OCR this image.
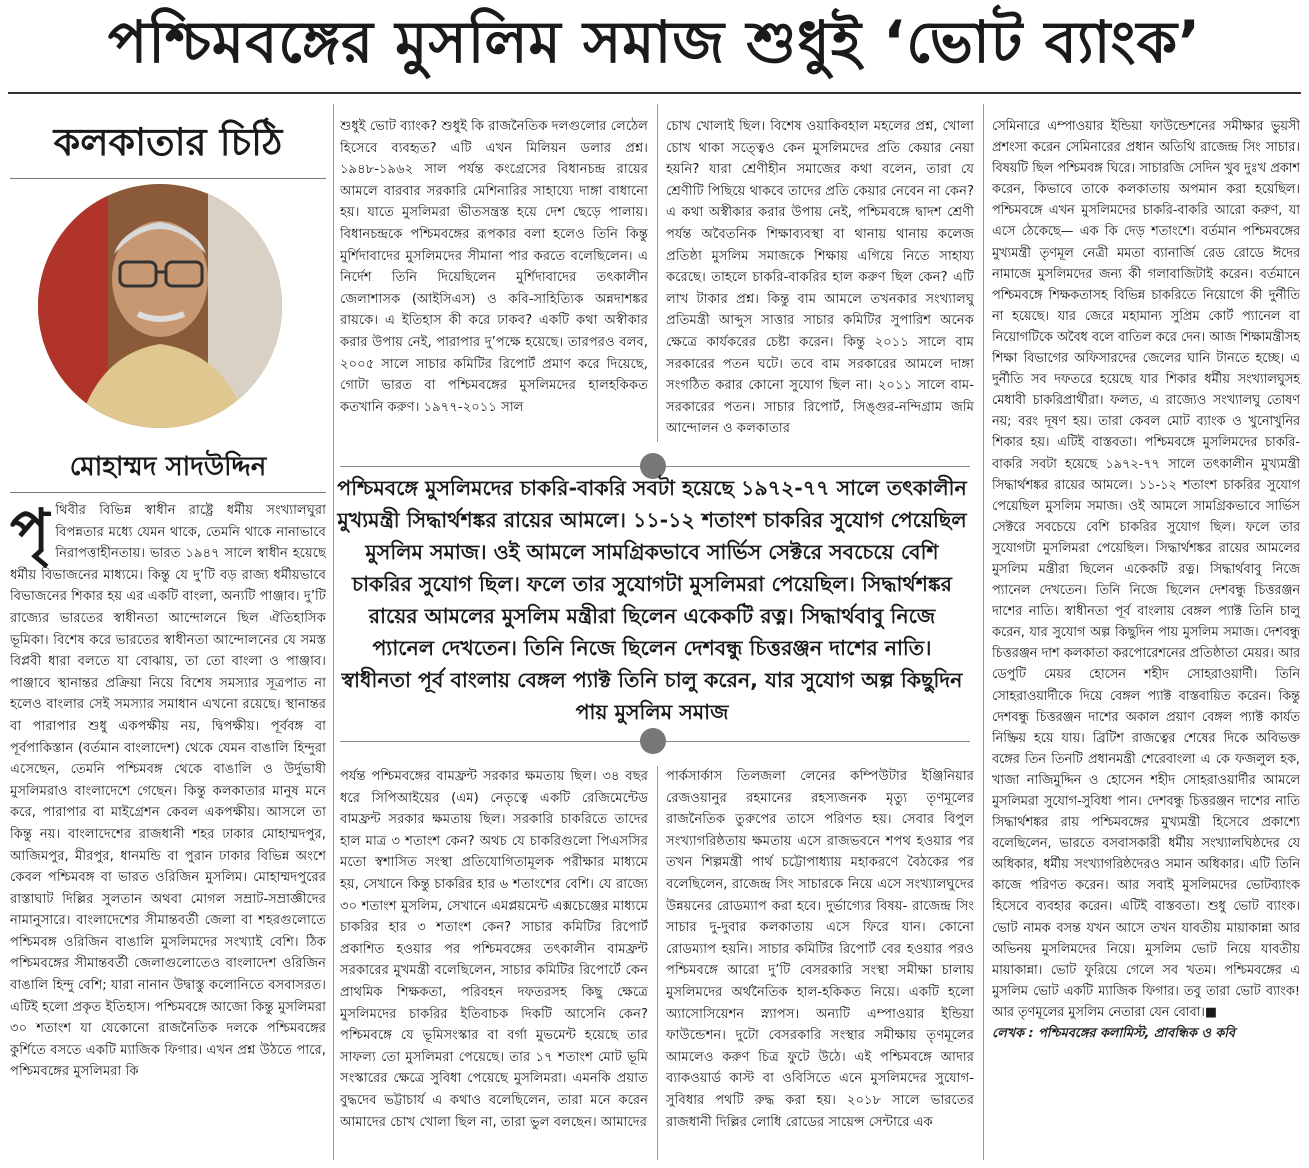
পশ্চিমবঙ্গের মুসলিম সমাজ শুধুই ‘ভোট ব্যাংক’
কলকাতার চিঠি
মোহাম্মদ সাদউদ্দিন
পৃ থিবীর বিভিন্ন স্বাধীন রাষ্ট্রে ধর্মীয় সংখ্যালঘুরা বিপন্নতার মধ্যে যেমন থাকে, তেমনি থাকে নানাভাবে নিরাপত্তাহীনতায়। ভারত ১৯৪৭ সালে স্বাধীন হয়েছে ধর্মীয় বিভাজনের মাধ্যমে। কিন্তু যে দু’টি বড় রাজ্য ধর্মীয়ভাবে বিভাজনের শিকার হয় এর একটি বাংলা, অন্যটি পাঞ্জাব। দু’টি রাজ্যের ভারতের স্বাধীনতা আন্দোলনে ছিল ঐতিহাসিক ভূমিকা। বিশেষ করে ভারতের স্বাধীনতা আন্দোলনের যে সমস্ত বিপ্লবী ধারা বলতে যা বোঝায়, তা তো বাংলা ও পাঞ্জাব। পাঞ্জাবে স্থানান্তর প্রক্রিয়া নিয়ে বিশেষ সমস্যার সূত্রপাত না হলেও বাংলার সেই সমস্যার সমাধান এখনো রয়েছে। স্থানান্তর বা পারাপার শুধু একপক্ষীয় নয়, দ্বিপক্ষীয়। পূর্ববঙ্গ বা পূর্বপাকিস্তান (বর্তমান বাংলাদেশ) থেকে যেমন বাঙালি হিন্দুরা এসেছেন, তেমনি পশ্চিমবঙ্গ থেকে বাঙালি ও উর্দুভাষী মুসলিমরাও বাংলাদেশে গেছেন। কিন্তু কলকাতার মানুষ মনে করে, পারাপার বা মাইগ্রেশন কেবল একপক্ষীয়। আসলে তা কিন্তু নয়। বাংলাদেশের রাজধানী শহর ঢাকার মোহাম্মদপুর, আজিমপুর, মীরপুর, ধানমন্ডি বা পুরান ঢাকার বিভিন্ন অংশে কেবল পশ্চিমবঙ্গ বা ভারত ওরিজিন মুসলিম। মোহাম্মদপুরের রাস্তাঘাট দিল্লির সুলতান অথবা মোগল সম্রাট-সম্রাজ্ঞীদের নামানুসারে। বাংলাদেশের সীমান্তবর্তী জেলা বা শহরগুলোতে পশ্চিমবঙ্গ ওরিজিন বাঙালি মুসলিমদের সংখ্যাই বেশি। ঠিক পশ্চিমবঙ্গের সীমান্তবর্তী জেলাগুলোতেও বাংলাদেশ ওরিজিন বাঙালি হিন্দু বেশি; যারা নানান উদ্বাস্তু কলোনিতে বসবাসরত। এটিই হলো প্রকৃত ইতিহাস। পশ্চিমবঙ্গে আজো কিন্তু মুসলিমরা ৩০ শতাংশ যা যেকোনো রাজনৈতিক দলকে পশ্চিমবঙ্গের কুর্শিতে বসতে একটি ম্যাজিক ফিগার। এখন প্রশ্ন উঠতে পারে, পশ্চিমবঙ্গের মুসলিমরা কি

শুধুই ভোট ব্যাংক? শুধুই কি রাজনৈতিক দলগুলোর লেঠেল হিসেবে ব্যবহৃত? এটি এখন মিলিয়ন ডলার প্রশ্ন। ১৯৪৮-১৯৬২ সাল পর্যন্ত কংগ্রেসের বিধানচন্দ্র রায়ের আমলে বারবার সরকারি মেশিনারির সাহায্যে দাঙ্গা বাধানো হয়। যাতে মুসলিমরা ভীতসন্ত্রস্ত হয়ে দেশ ছেড়ে পালায়। বিধানচন্দ্রকে পশ্চিমবঙ্গের রূপকার বলা হলেও তিনি কিন্তু মুর্শিদাবাদের মুসলিমদের সীমানা পার করতে বলেছিলেন। এ নির্দেশ তিনি দিয়েছিলেন মুর্শিদাবাদের তৎকালীন জেলাশাসক (আইসিএস) ও কবি-সাহিত্যিক অন্নদাশঙ্কর রায়কে। এ ইতিহাস কী করে ঢাকব? একটি কথা অস্বীকার করার উপায় নেই, পারাপার দু’পক্ষে হয়েছে। তারপরও বলব, ২০০৫ সালে সাচার কমিটির রিপোর্ট প্রমাণ করে দিয়েছে, গোটা ভারত বা পশ্চিমবঙ্গের মুসলিমদের হালহকিকত কতখানি করুণ। ১৯৭৭-২০১১ সাল

চোখ খোলাই ছিল। বিশেষ ওয়াকিবহাল মহলের প্রশ্ন, খোলা চোখ থাকা সত্ত্বেও কেন মুসলিমদের প্রতি কেয়ার নেয়া হয়নি? যারা শ্রেণীহীন সমাজের কথা বলেন, তারা যে শ্রেণীটি পিছিয়ে থাকবে তাদের প্রতি কেয়ার নেবেন না কেন? এ কথা অস্বীকার করার উপায় নেই, পশ্চিমবঙ্গে দ্বাদশ শ্রেণী পর্যন্ত অবৈতনিক শিক্ষাব্যবস্থা বা থানায় থানায় কলেজ প্রতিষ্ঠা মুসলিম সমাজকে শিক্ষায় এগিয়ে নিতে সাহায্য করেছে। তাহলে চাকরি-বাকরির হাল করুণ ছিল কেন? এটি লাখ টাকার প্রশ্ন। কিন্তু বাম আমলে তখনকার সংখ্যালঘু প্রতিমন্ত্রী আব্দুস সাত্তার সাচার কমিটির সুপারিশ অনেক ক্ষেত্রে কার্যকরের চেষ্টা করেন। কিন্তু ২০১১ সালে বাম সরকারের পতন ঘটে। তবে বাম সরকারের আমলে দাঙ্গা সংগঠিত করার কোনো সুযোগ ছিল না। ২০১১ সালে বাম-সরকারের পতন। সাচার রিপোর্ট, সিঙ্গুর-নন্দিগ্রাম জমি আন্দোলন ও কলকাতার

পশ্চিমবঙ্গে মুসলিমদের চাকরি-বাকরি সবটা হয়েছে ১৯৭২-৭৭ সালে তৎকালীন মুখ্যমন্ত্রী সিদ্ধার্থশঙ্কর রায়ের আমলে। ১১-১২ শতাংশ চাকরির সুযোগ পেয়েছিল মুসলিম সমাজ। ওই আমলে সামগ্রিকভাবে সার্ভিস সেক্টরে সবচেয়ে বেশি চাকরির সুযোগ ছিল। ফলে তার সুযোগটা মুসলিমরা পেয়েছিল। সিদ্ধার্থশঙ্কর রায়ের আমলের মুসলিম মন্ত্রীরা ছিলেন একেকটি রত্ন। সিদ্ধার্থবাবু নিজে প্যানেল দেখতেন। তিনি নিজে ছিলেন দেশবন্ধু চিত্তরঞ্জন দাশের নাতি। স্বাধীনতা পূর্ব বাংলায় বেঙ্গল প্যাক্ট তিনি চালু করেন, যার সুযোগ অল্প কিছুদিন পায় মুসলিম সমাজ

পর্যন্ত পশ্চিমবঙ্গের বামফ্রন্ট সরকার ক্ষমতায় ছিল। ৩৪ বছর ধরে সিপিআইয়ের (এম) নেতৃত্বে একটি রেজিমেন্টেড বামফ্রন্ট সরকার ক্ষমতায় ছিল। সরকারি চাকরিতে তাদের হাল মাত্র ৩ শতাংশ কেন? অথচ যে চাকরিগুলো পিএসসির মতো স্বশাসিত সংস্থা প্রতিযোগিতামূলক পরীক্ষার মাধ্যমে হয়, সেখানে কিন্তু চাকরির হার ৬ শতাংশের বেশি। যে রাজ্যে ৩০ শতাংশ মুসলিম, সেখানে এমপ্লয়মেন্ট এক্সচেঞ্জের মাধ্যমে চাকরির হার ৩ শতাংশ কেন? সাচার কমিটির রিপোর্ট প্রকাশিত হওয়ার পর পশ্চিমবঙ্গের তৎকালীন বামফ্রন্ট সরকারের মুখমন্ত্রী বলেছিলেন, সাচার কমিটির রিপোর্টে কেন প্রাথমিক শিক্ষকতা, পরিবহন দফতরসহ কিছু ক্ষেত্রে মুসলিমদের চাকরির ইতিবাচক দিকটি আসেনি কেন? পশ্চিমবঙ্গে যে ভূমিসংস্কার বা বর্গা মুভমেন্ট হয়েছে তার সাফল্য তো মুসলিমরা পেয়েছে। তার ১৭ শতাংশ মোট ভূমি সংস্কারের ক্ষেত্রে সুবিধা পেয়েছে মুসলিমরা। এমনকি প্রয়াত বুদ্ধদেব ভট্টাচার্য এ কথাও বলেছিলেন, তারা মনে করেন আমাদের চোখ খোলা ছিল না, তারা ভুল বলছেন। আমাদের

পার্কসার্কাস তিলজলা লেনের কম্পিউটার ইঞ্জিনিয়ার রেজওয়ানুর রহমানের রহস্যজনক মৃত্যু তৃণমূলের রাজনৈতিক তুরুপের তাসে পরিণত হয়। সেবার বিপুল সংখ্যাগরিষ্ঠতায় ক্ষমতায় এসে রাজভবনে শপথ হওয়ার পর তখন শিল্পমন্ত্রী পার্থ চট্টোপাধ্যায় মহাকরণে বৈঠকের পর বলেছিলেন, রাজেন্দ্র সিং সাচারকে নিয়ে এসে সংখ্যালঘুদের উন্নয়নের রোডম্যাপ করা হবে। দুর্ভাগ্যের বিষয়- রাজেন্দ্র সিং সাচার দু-দুবার কলকাতায় এসে ফিরে যান। কোনো রোডম্যাপ হয়নি। সাচার কমিটির রিপোর্ট বের হওয়ার পরও পশ্চিমবঙ্গে আরো দু’টি বেসরকারি সংস্থা সমীক্ষা চালায় মুসলিমদের অর্থনৈতিক হাল-হকিকত নিয়ে। একটি হলো অ্যাসোসিয়েশন স্ন্যাপস। অন্যটি এম্পাওয়ার ইন্ডিয়া ফাউন্ডেশন। দুটো বেসরকারি সংস্থার সমীক্ষায় তৃণমূলের আমলেও করুণ চিত্র ফুটে উঠে। এই পশ্চিমবঙ্গে আদার ব্যাকওয়ার্ড কাস্ট বা ওবিসিতে এনে মুসলিমদের সুযোগ-সুবিধার পথটি রুদ্ধ করা হয়। ২০১৮ সালে ভারতের রাজধানী দিল্লির লোধি রোডের সায়েন্স সেন্টারে এক

সেমিনারে এম্পাওয়ার ইন্ডিয়া ফাউন্ডেশনের সমীক্ষার ভুয়সী প্রশংসা করেন সেমিনারের প্রধান অতিথি রাজেন্দ্র সিং সাচার। বিষয়টি ছিল পশ্চিমবঙ্গ ঘিরে। সাচারজি সেদিন খুব দুঃখ প্রকাশ করেন, কিভাবে তাকে কলকাতায় অপমান করা হয়েছিল। পশ্চিমবঙ্গে এখন মুসলিমদের চাকরি-বাকরি আরো করুণ, যা এসে ঠেকেছে— এক কি দেড় শতাংশে। বর্তমান পশ্চিমবঙ্গের মুখ্যমন্ত্রী তৃণমূল নেত্রী মমতা ব্যানার্জি রেড রোডে ঈদের নামাজে মুসলিমদের জন্য কী গলাবাজিটাই করেন। বর্তমানে পশ্চিমবঙ্গে শিক্ষকতাসহ বিভিন্ন চাকরিতে নিয়োগে কী দুর্নীতি না হয়েছে। যার জেরে মহামান্য সুপ্রিম কোর্ট প্যানেল বা নিয়োগটিকে অবৈধ বলে বাতিল করে দেন। আজ শিক্ষামন্ত্রীসহ শিক্ষা বিভাগের অফিসারদের জেলের ঘানি টানতে হচ্ছে। এ দুর্নীতি সব দফতরে হয়েছে যার শিকার ধর্মীয় সংখ্যালঘুসহ মেধাবী চাকরিপ্রার্থীরা। ফলত, এ রাজ্যেও সংখ্যালঘু তোষণ নয়; বরং দূষণ হয়। তারা কেবল মোট ব্যাংক ও খুনোখুনির শিকার হয়। এটিই বাস্তবতা। পশ্চিমবঙ্গে মুসলিমদের চাকরি-বাকরি সবটা হয়েছে ১৯৭২-৭৭ সালে তৎকালীন মুখ্যমন্ত্রী সিদ্ধার্থশঙ্কর রায়ের আমলে। ১১-১২ শতাংশ চাকরির সুযোগ পেয়েছিল মুসলিম সমাজ। ওই আমলে সামগ্রিকভাবে সার্ভিস সেক্টরে সবচেয়ে বেশি চাকরির সুযোগ ছিল। ফলে তার সুযোগটা মুসলিমরা পেয়েছিল। সিদ্ধার্থশঙ্কর রায়ের আমলের মুসলিম মন্ত্রীরা ছিলেন একেকটি রত্ন। সিদ্ধার্থবাবু নিজে প্যানেল দেখতেন। তিনি নিজে ছিলেন দেশবন্ধু চিত্তরঞ্জন দাশের নাতি। স্বাধীনতা পূর্ব বাংলায় বেঙ্গল প্যাক্ট তিনি চালু করেন, যার সুযোগ অল্প কিছুদিন পায় মুসলিম সমাজ। দেশবন্ধু চিত্তরঞ্জন দাশ কলকাতা করপোরেশনের প্রতিষ্ঠাতা মেয়র। আর ডেপুটি মেয়র হোসেন শহীদ সোহরাওয়ার্দী। তিনি সোহরাওয়ার্দীকে দিয়ে বেঙ্গল প্যাক্ট বাস্তবায়িত করেন। কিন্তু দেশবন্ধু চিত্তরঞ্জন দাশের অকাল প্রয়াণ বেঙ্গল প্যাক্ট কার্যত নিষ্ক্রিয় হয়ে যায়। ব্রিটিশ রাজত্বের শেষের দিকে অবিভক্ত বঙ্গের তিন তিনটি প্রধানমন্ত্রী শেরেবাংলা এ কে ফজলুল হক, খাজা নাজিমুদ্দিন ও হোসেন শহীদ সোহরাওয়ার্দীর আমলে মুসলিমরা সুযোগ-সুবিধা পান। দেশবন্ধু চিত্তরঞ্জন দাশের নাতি সিদ্ধার্থশঙ্কর রায় পশ্চিমবঙ্গের মুখ্যমন্ত্রী হিসেবে প্রকাশ্যে বলেছিলেন, ভারতে বসবাসকারী ধর্মীয় সংখ্যালঘিষ্ঠদের যে অধিকার, ধর্মীয় সংখ্যাগরিষ্ঠদেরও সমান অধিকার। এটি তিনি কাজে পরিণত করেন। আর সবাই মুসলিমদের ভোটব্যাংক হিসেবে ব্যবহার করেন। এটিই বাস্তবতা। শুধু ভোট ব্যাংক। ভোট নামক বসন্ত যখন আসে তখন যাবতীয় মায়াকান্না আর অভিনয় মুসলিমদের নিয়ে। মুসলিম ভোট নিয়ে যাবতীয় মায়াকান্না। ভোট ফুরিয়ে গেলে সব খতম। পশ্চিমবঙ্গের এ মুসলিম ভোট একটি ম্যাজিক ফিগার। তবু তারা ভোট ব্যাংক! আর তৃণমূলের মুসলিম নেতারা যেন বোবা।■

লেখক : পশ্চিমবঙ্গের কলামিস্ট, প্রাবন্ধিক ও কবি
